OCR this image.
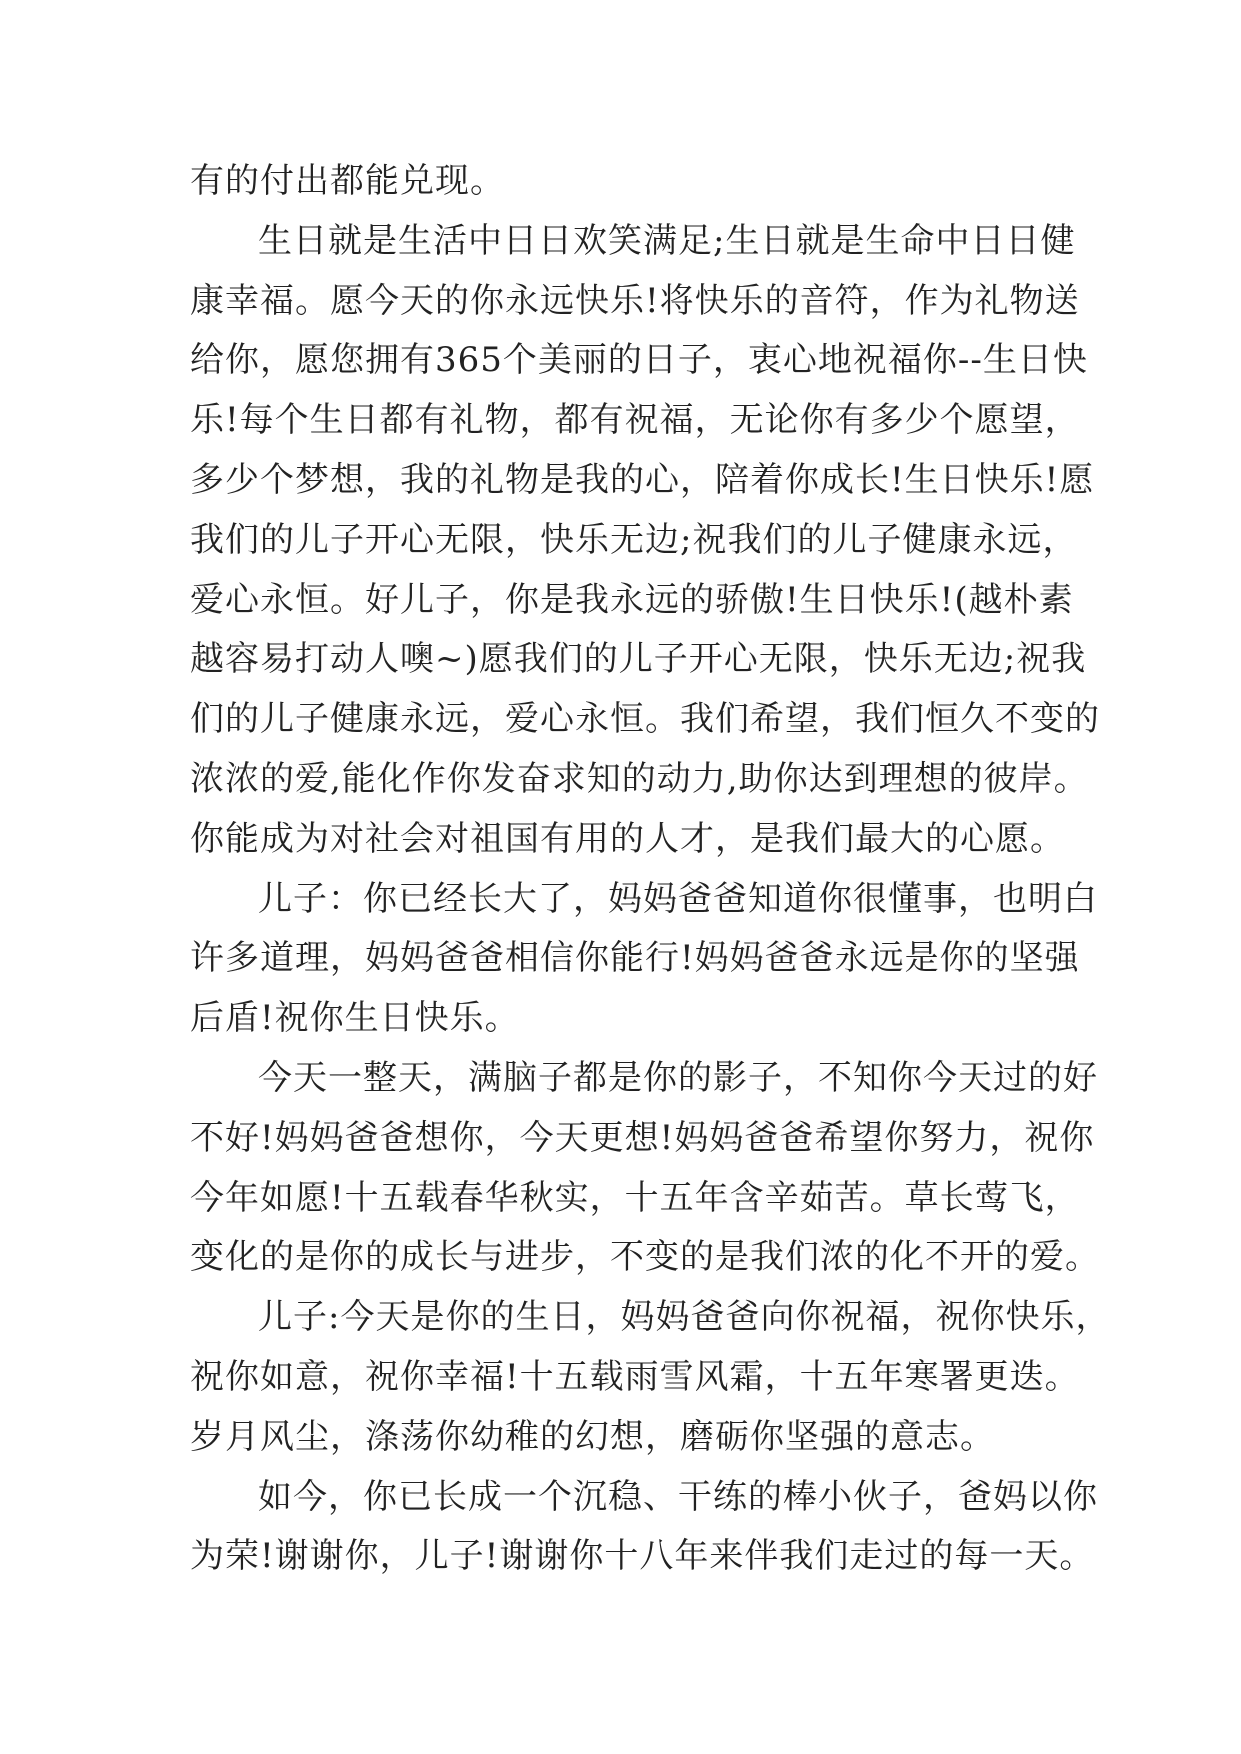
有的付出都能兑现。
生日就是生活中日日欢笑满足;生日就是生命中日日健
康幸福。愿今天的你永远快乐!将快乐的音符，作为礼物送
给你，愿您拥有365个美丽的日子，衷心地祝福你--生日快
乐!每个生日都有礼物，都有祝福，无论你有多少个愿望，
多少个梦想，我的礼物是我的心，陪着你成长!生日快乐!愿
我们的儿子开心无限，快乐无边;祝我们的儿子健康永远，
爱心永恒。好儿子，你是我永远的骄傲!生日快乐!(越朴素
越容易打动人噢~)愿我们的儿子开心无限，快乐无边;祝我
们的儿子健康永远，爱心永恒。我们希望，我们恒久不变的
浓浓的爱,能化作你发奋求知的动力,助你达到理想的彼岸。
你能成为对社会对祖国有用的人才，是我们最大的心愿。
儿子：你已经长大了，妈妈爸爸知道你很懂事，也明白
许多道理，妈妈爸爸相信你能行!妈妈爸爸永远是你的坚强
后盾!祝你生日快乐。
今天一整天，满脑子都是你的影子，不知你今天过的好
不好!妈妈爸爸想你，今天更想!妈妈爸爸希望你努力，祝你
今年如愿!十五载春华秋实，十五年含辛茹苦。草长莺飞，
变化的是你的成长与进步，不变的是我们浓的化不开的爱。
儿子:今天是你的生日，妈妈爸爸向你祝福，祝你快乐，
祝你如意，祝你幸福!十五载雨雪风霜，十五年寒署更迭。
岁月风尘，涤荡你幼稚的幻想，磨砺你坚强的意志。
如今，你已长成一个沉稳、干练的棒小伙子，爸妈以你
为荣!谢谢你，儿子!谢谢你十八年来伴我们走过的每一天。
